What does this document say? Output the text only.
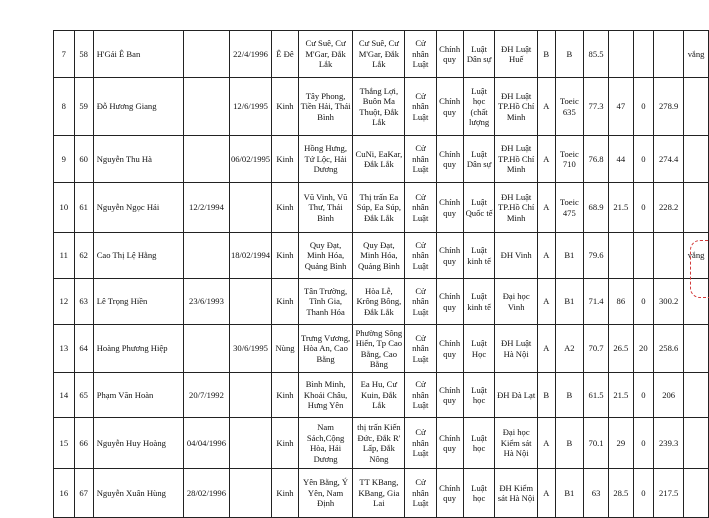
7	58	H'Gái Ê Ban		22/4/1996	Ê Đê	Cư Suê, Cư M'Gar, Đắk Lắk	Cư Suê, Cư M'Gar, Đắk Lắk	Cử nhân Luật	Chính quy	Luật Dân sự	ĐH Luật Huế	B	B	85.5				vắng
8	59	Đỗ Hương Giang		12/6/1995	Kinh	Tây Phong, Tiền Hải, Thái Bình	Thắng Lợi, Buôn Ma Thuột, Đắk Lắk	Cử nhân Luật	Chính quy	Luật học (chất lượng	ĐH Luật TP.Hồ Chí Minh	A	Toeic 635	77.3	47	0	278.9	
9	60	Nguyễn Thu Hà		06/02/1995	Kinh	Hồng Hưng, Tứ Lộc, Hải Dương	CuNi, EaKar, Đắk Lắk	Cử nhân Luật	Chính quy	Luật Dân sự	ĐH Luật TP.Hồ Chí Minh	A	Toeic 710	76.8	44	0	274.4	
10	61	Nguyễn Ngọc Hải	12/2/1994		Kinh	Vũ Vinh, Vũ Thư, Thái Bình	Thị trấn Ea Súp, Ea Súp, Đắk Lắk	Cử nhân Luật	Chính quy	Luật Quốc tế	ĐH Luật TP.Hồ Chí Minh	A	Toeic 475	68.9	21.5	0	228.2	
11	62	Cao Thị Lệ Hằng		18/02/1994	Kinh	Quy Đạt, Minh Hóa, Quảng Bình	Quy Đạt, Minh Hóa, Quảng Bình	Cử nhân Luật	Chính quy	Luật kinh tế	ĐH Vinh	A	B1	79.6				vắng
12	63	Lê Trọng Hiền	23/6/1993		Kinh	Tân Trường, Tĩnh Gia, Thanh Hóa	Hòa Lễ, Krông Bông, Đắk Lắk	Cử nhân Luật	Chính quy	Luật kinh tế	Đại học Vinh	A	B1	71.4	86	0	300.2	
13	64	Hoàng Phương Hiệp		30/6/1995	Nùng	Trưng Vương, Hòa An, Cao Bằng	Phường Sông Hiến, Tp Cao Bằng, Cao Bằng	Cử nhân Luật	Chính quy	Luật Học	ĐH Luật Hà Nội	A	A2	70.7	26.5	20	258.6	
14	65	Phạm Văn Hoàn	20/7/1992		Kinh	Bình Minh, Khoái Châu, Hưng Yên	Ea Hu, Cư Kuin, Đắk Lắk	Cử nhân Luật	Chính quy	Luật học	ĐH Đà Lạt	B	B	61.5	21.5	0	206	
15	66	Nguyễn Huy Hoàng	04/04/1996		Kinh	Nam Sách,Cộng Hòa, Hải Dương	thị trấn Kiến Đức, Đắk R' Lấp, Đắk Nông	Cử nhân Luật	Chính quy	Luật học	Đại học Kiểm sát Hà Nội	A	B	70.1	29	0	239.3	
16	67	Nguyễn Xuân Hùng	28/02/1996		Kinh	Yên Bằng, Ý Yên, Nam Định	TT KBang, KBang, Gia Lai	Cử nhân Luật	Chính quy	Luật học	ĐH Kiểm sát Hà Nội	A	B1	63	28.5	0	217.5	
